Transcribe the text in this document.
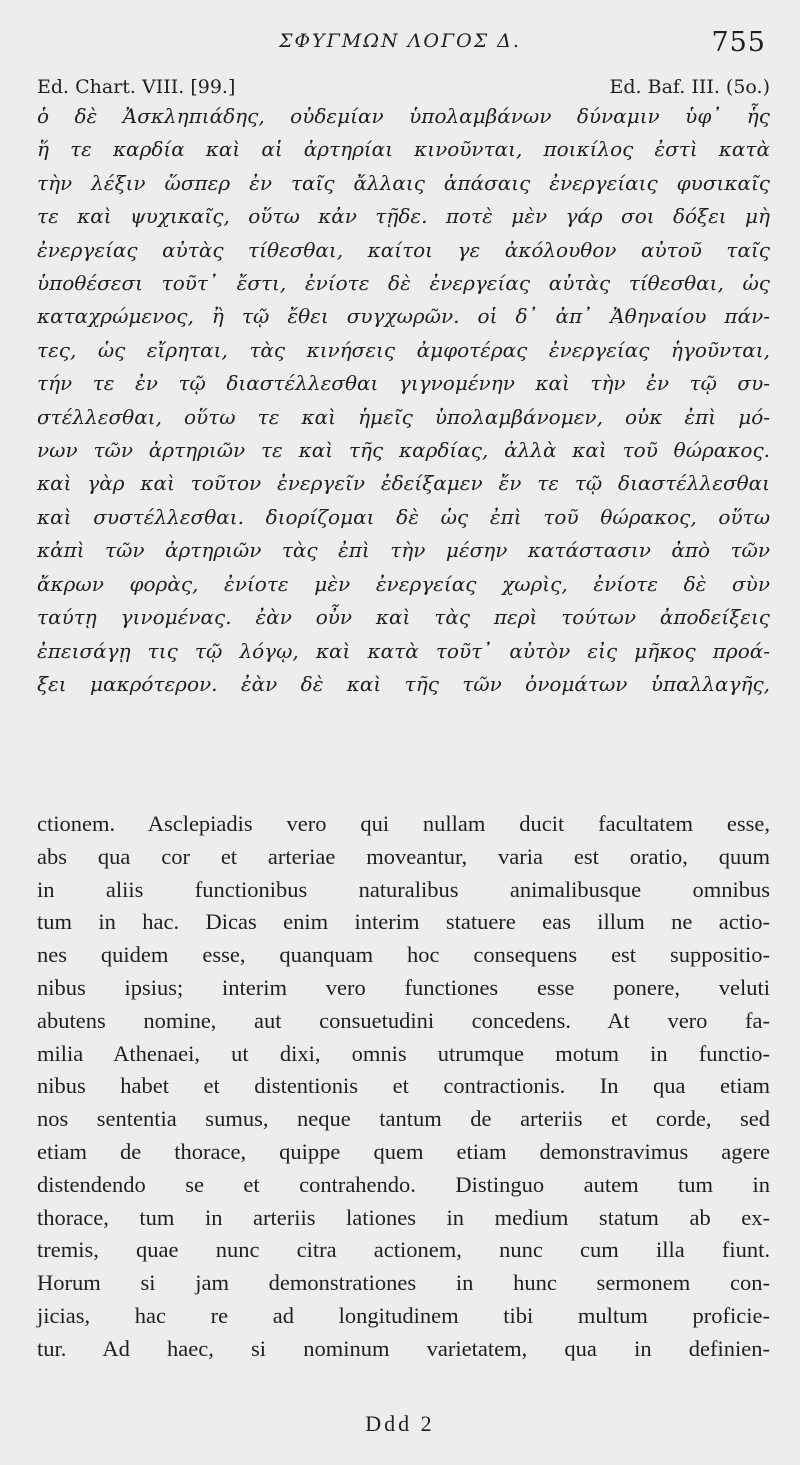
ΣΦΥΓΜΩΝ ΛΟΓΟΣ Δ.	755
Ed. Chart. VIII. [99.]	Ed. Baf. III. (5o.)
ὁ δὲ Ἀσκληπιάδης, οὐδεμίαν ὑπολαμβάνων δύναμιν ὑφ᾽ ἧς
ἥ τε καρδία καὶ αἱ ἀρτηρίαι κινοῦνται, ποικίλος ἐστὶ κατὰ
τὴν λέξιν ὥσπερ ἐν ταῖς ἄλλαις ἁπάσαις ἐνεργείαις φυσικαῖς
τε καὶ ψυχικαῖς, οὕτω κἀν τῇδε. ποτὲ μὲν γάρ σοι δόξει μὴ
ἐνεργείας αὐτὰς τίθεσθαι, καίτοι γε ἀκόλουθον αὐτοῦ ταῖς
ὑποθέσεσι τοῦτ᾽ ἔστι, ἐνίοτε δὲ ἐνεργείας αὐτὰς τίθεσθαι, ὡς
καταχρώμενος, ἢ τῷ ἔθει συγχωρῶν. οἱ δ᾽ ἀπ᾽ Ἀθηναίου πάν-
τες, ὡς εἴρηται, τὰς κινήσεις ἀμφοτέρας ἐνεργείας ἡγοῦνται,
τήν τε ἐν τῷ διαστέλλεσθαι γιγνομένην καὶ τὴν ἐν τῷ συ-
στέλλεσθαι, οὕτω τε καὶ ἡμεῖς ὑπολαμβάνομεν, οὐκ ἐπὶ μό-
νων τῶν ἀρτηριῶν τε καὶ τῆς καρδίας, ἀλλὰ καὶ τοῦ θώρακος.
καὶ γὰρ καὶ τοῦτον ἐνεργεῖν ἐδείξαμεν ἔν τε τῷ διαστέλλεσθαι
καὶ συστέλλεσθαι. διορίζομαι δὲ ὡς ἐπὶ τοῦ θώρακος, οὕτω
κἀπὶ τῶν ἀρτηριῶν τὰς ἐπὶ τὴν μέσην κατάστασιν ἀπὸ τῶν
ἄκρων φορὰς, ἐνίοτε μὲν ἐνεργείας χωρὶς, ἐνίοτε δὲ σὺν
ταύτῃ γινομένας. ἐὰν οὖν καὶ τὰς περὶ τούτων ἀποδείξεις
ἐπεισάγῃ τις τῷ λόγῳ, καὶ κατὰ τοῦτ᾽ αὐτὸν εἰς μῆκος προά-
ξει μακρότερον. ἐὰν δὲ καὶ τῆς τῶν ὀνομάτων ὑπαλλαγῆς,
ctionem. Asclepiadis vero qui nullam ducit facultatem esse,
abs qua cor et arteriae moveantur, varia est oratio, quum
in aliis functionibus naturalibus animalibusque omnibus
tum in hac. Dicas enim interim statuere eas illum ne actio-
nes quidem esse, quanquam hoc consequens est suppositio-
nibus ipsius; interim vero functiones esse ponere, veluti
abutens nomine, aut consuetudini concedens. At vero fa-
milia Athenaei, ut dixi, omnis utrumque motum in functio-
nibus habet et distentionis et contractionis. In qua etiam
nos sententia sumus, neque tantum de arteriis et corde, sed
etiam de thorace, quippe quem etiam demonstravimus agere
distendendo se et contrahendo. Distinguo autem tum in
thorace, tum in arteriis lationes in medium statum ab ex-
tremis, quae nunc citra actionem, nunc cum illa fiunt.
Horum si jam demonstrationes in hunc sermonem con-
jicias, hac re ad longitudinem tibi multum proficie-
tur. Ad haec, si nominum varietatem, qua in definien-
Ddd 2
